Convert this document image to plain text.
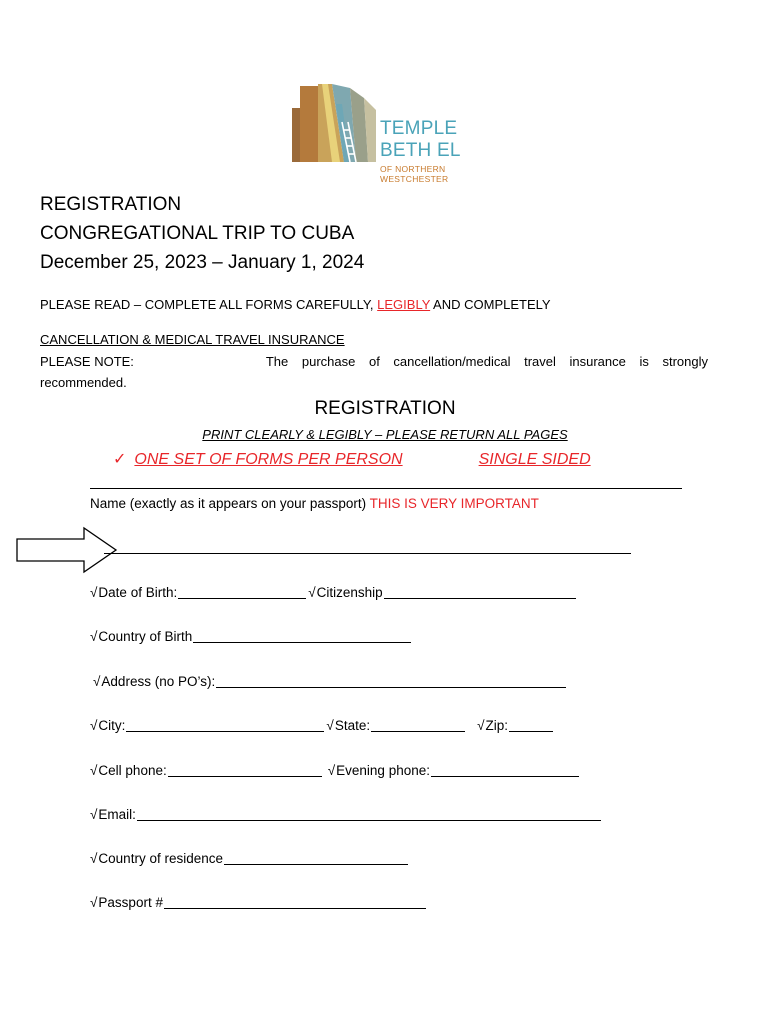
TEMPLE
BETH EL
OF NORTHERN
WESTCHESTER
REGISTRATION
CONGREGATIONAL TRIP TO CUBA
December 25, 2023 – January 1, 2024
PLEASE READ – COMPLETE ALL FORMS CAREFULLY, LEGIBLY AND COMPLETELY
CANCELLATION & MEDICAL TRAVEL INSURANCE
PLEASE NOTE:	The purchase of cancellation/medical travel insurance is strongly
recommended.
REGISTRATION
PRINT CLEARLY & LEGIBLY – PLEASE RETURN ALL PAGES
✓ ONE SET OF FORMS PER PERSON	SINGLE SIDED
Name (exactly as it appears on your passport) THIS IS VERY IMPORTANT
√ Date of Birth:	√ Citizenship
√ Country of Birth
√ Address (no PO’s):
√ City:	√ State:	√ Zip:
√ Cell phone:	√ Evening phone:
√ Email:
√ Country of residence
√ Passport #
